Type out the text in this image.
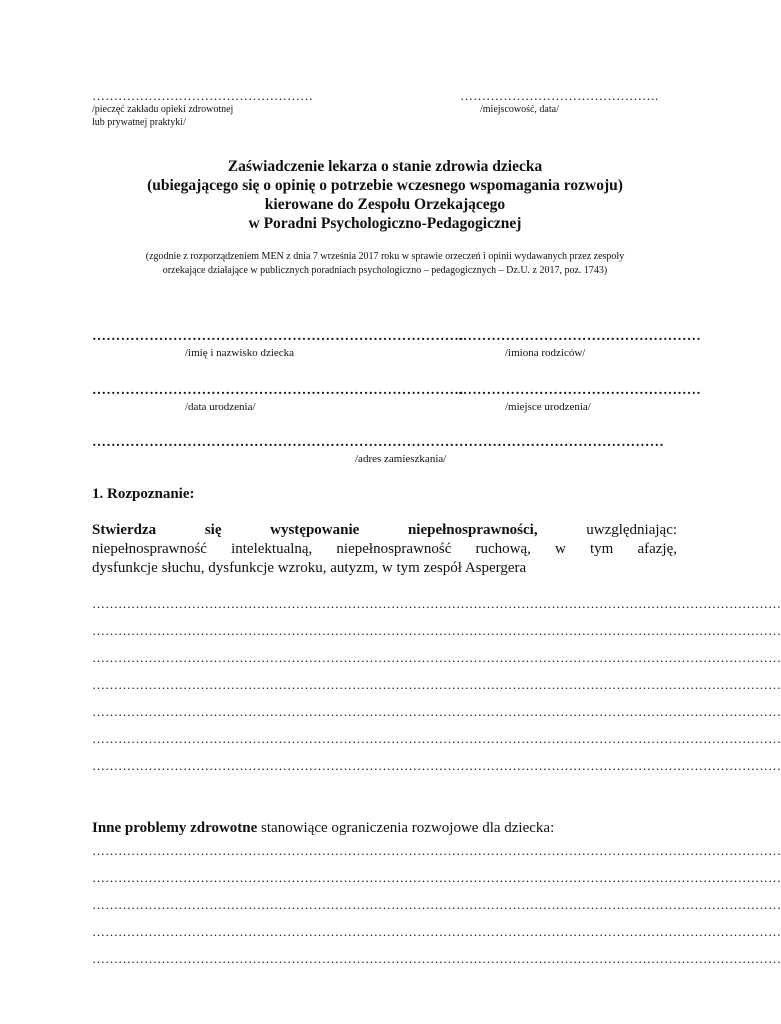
……………………………………………
/pieczęć zakładu opieki zdrowotnej
lub prywatnej praktyki/
……………………………………….
/miejscowość, data/
Zaświadczenie lekarza o stanie zdrowia dziecka
(ubiegającego się o opinię o potrzebie wczesnego wspomagania rozwoju)
kierowane do Zespołu Orzekającego
w Poradni Psychologiczno-Pedagogicznej
(zgodnie z rozporządzeniem MEN z dnia 7 września 2017 roku w sprawie orzeczeń i opinii wydawanych przez zespoły
orzekające działające w publicznych poradniach psychologiczno – pedagogicznych – Dz.U. z 2017, poz. 1743)
……………………………………………………………………
/imię i nazwisko dziecka
……………………………………………
/imiona rodziców/
……………………………………………………………………
/data urodzenia/
……………………………………………
/miejsce urodzenia/
…………………………………………………………………………………………………………
/adres zamieszkania/
1. Rozpoznanie:
Stwierdza	się	występowanie	niepełnosprawności,	uwzględniając:
niepełnosprawność intelektualną, niepełnosprawność ruchową, w tym afazję,
dysfunkcje słuchu, dysfunkcje wzroku, autyzm, w tym zespół Aspergera
……………………………………………………………………………………………………………………………………………
……………………………………………………………………………………………………………………………………………
……………………………………………………………………………………………………………………………………………
……………………………………………………………………………………………………………………………………………
……………………………………………………………………………………………………………………………………………
……………………………………………………………………………………………………………………………………………
……………………………………………………………………………………………………………………………………………
Inne problemy zdrowotne stanowiące ograniczenia rozwojowe dla dziecka:
……………………………………………………………………………………………………………………………………………
……………………………………………………………………………………………………………………………………………
……………………………………………………………………………………………………………………………………………
……………………………………………………………………………………………………………………………………………
……………………………………………………………………………………………………………………………………………
